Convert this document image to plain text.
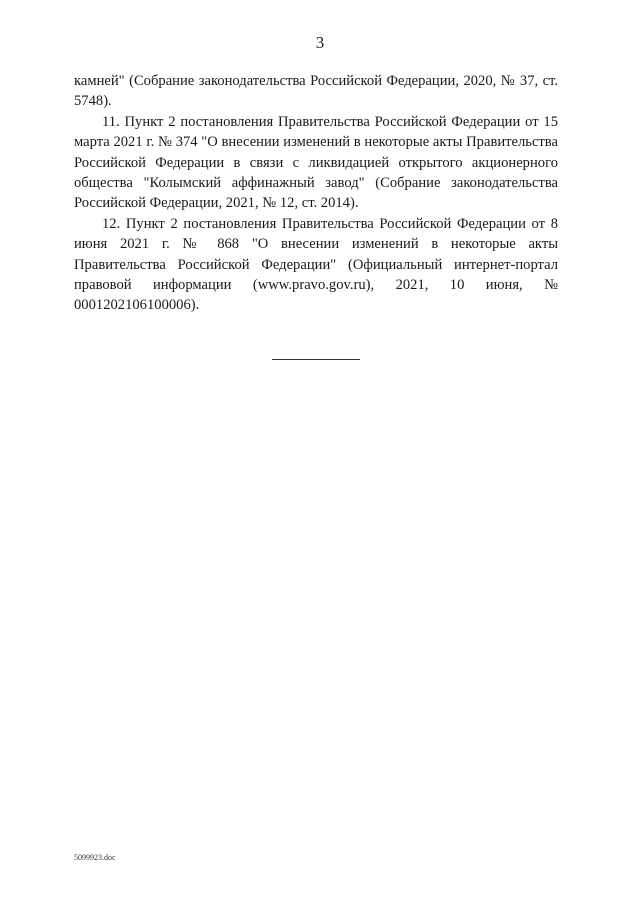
3

камней" (Собрание законодательства Российской Федерации, 2020, № 37, ст. 5748).

11. Пункт 2 постановления Правительства Российской Федерации от 15 марта 2021 г. № 374 "О внесении изменений в некоторые акты Правительства Российской Федерации в связи с ликвидацией открытого акционерного общества "Колымский аффинажный завод" (Собрание законодательства Российской Федерации, 2021, № 12, ст. 2014).

12. Пункт 2 постановления Правительства Российской Федерации от 8 июня 2021 г. № 868 "О внесении изменений в некоторые акты Правительства Российской Федерации" (Официальный интернет-портал правовой информации (www.pravo.gov.ru), 2021, 10 июня, № 0001202106100006).

5099923.doc
